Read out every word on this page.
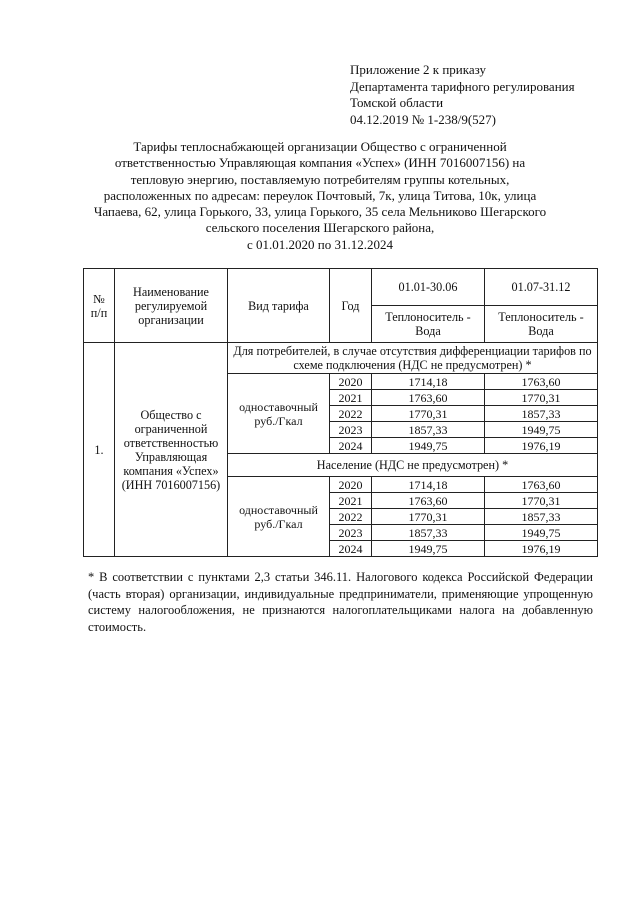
Приложение 2 к приказу
Департамента тарифного регулирования
Томской области
04.12.2019 № 1-238/9(527)
Тарифы теплоснабжающей организации Общество с ограниченной
ответственностью Управляющая компания «Успех» (ИНН 7016007156) на
тепловую энергию, поставляемую потребителям группы котельных,
расположенных по адресам: переулок Почтовый, 7к, улица Титова, 10к, улица
Чапаева, 62, улица Горького, 33, улица Горького, 35 села Мельниково Шегарского
сельского поселения Шегарского района,
с 01.01.2020 по 31.12.2024
№ п/п	Наименование регулируемой организации	Вид тарифа	Год	01.01-30.06	01.07-31.12
				Теплоноситель - Вода	Теплоноситель - Вода
1.	Общество с ограниченной ответственностью Управляющая компания «Успех» (ИНН 7016007156)	Для потребителей, в случае отсутствия дифференциации тарифов по схеме подключения (НДС не предусмотрен) *			
		одноставочный руб./Гкал	2020	1714,18	1763,60
			2021	1763,60	1770,31
			2022	1770,31	1857,33
			2023	1857,33	1949,75
			2024	1949,75	1976,19
		Население (НДС не предусмотрен) *			
		одноставочный руб./Гкал	2020	1714,18	1763,60
			2021	1763,60	1770,31
			2022	1770,31	1857,33
			2023	1857,33	1949,75
			2024	1949,75	1976,19
* В соответствии с пунктами 2,3 статьи 346.11. Налогового кодекса Российской Федерации (часть вторая) организации, индивидуальные предприниматели, применяющие упрощенную систему налогообложения, не признаются налогоплательщиками налога на добавленную стоимость.
